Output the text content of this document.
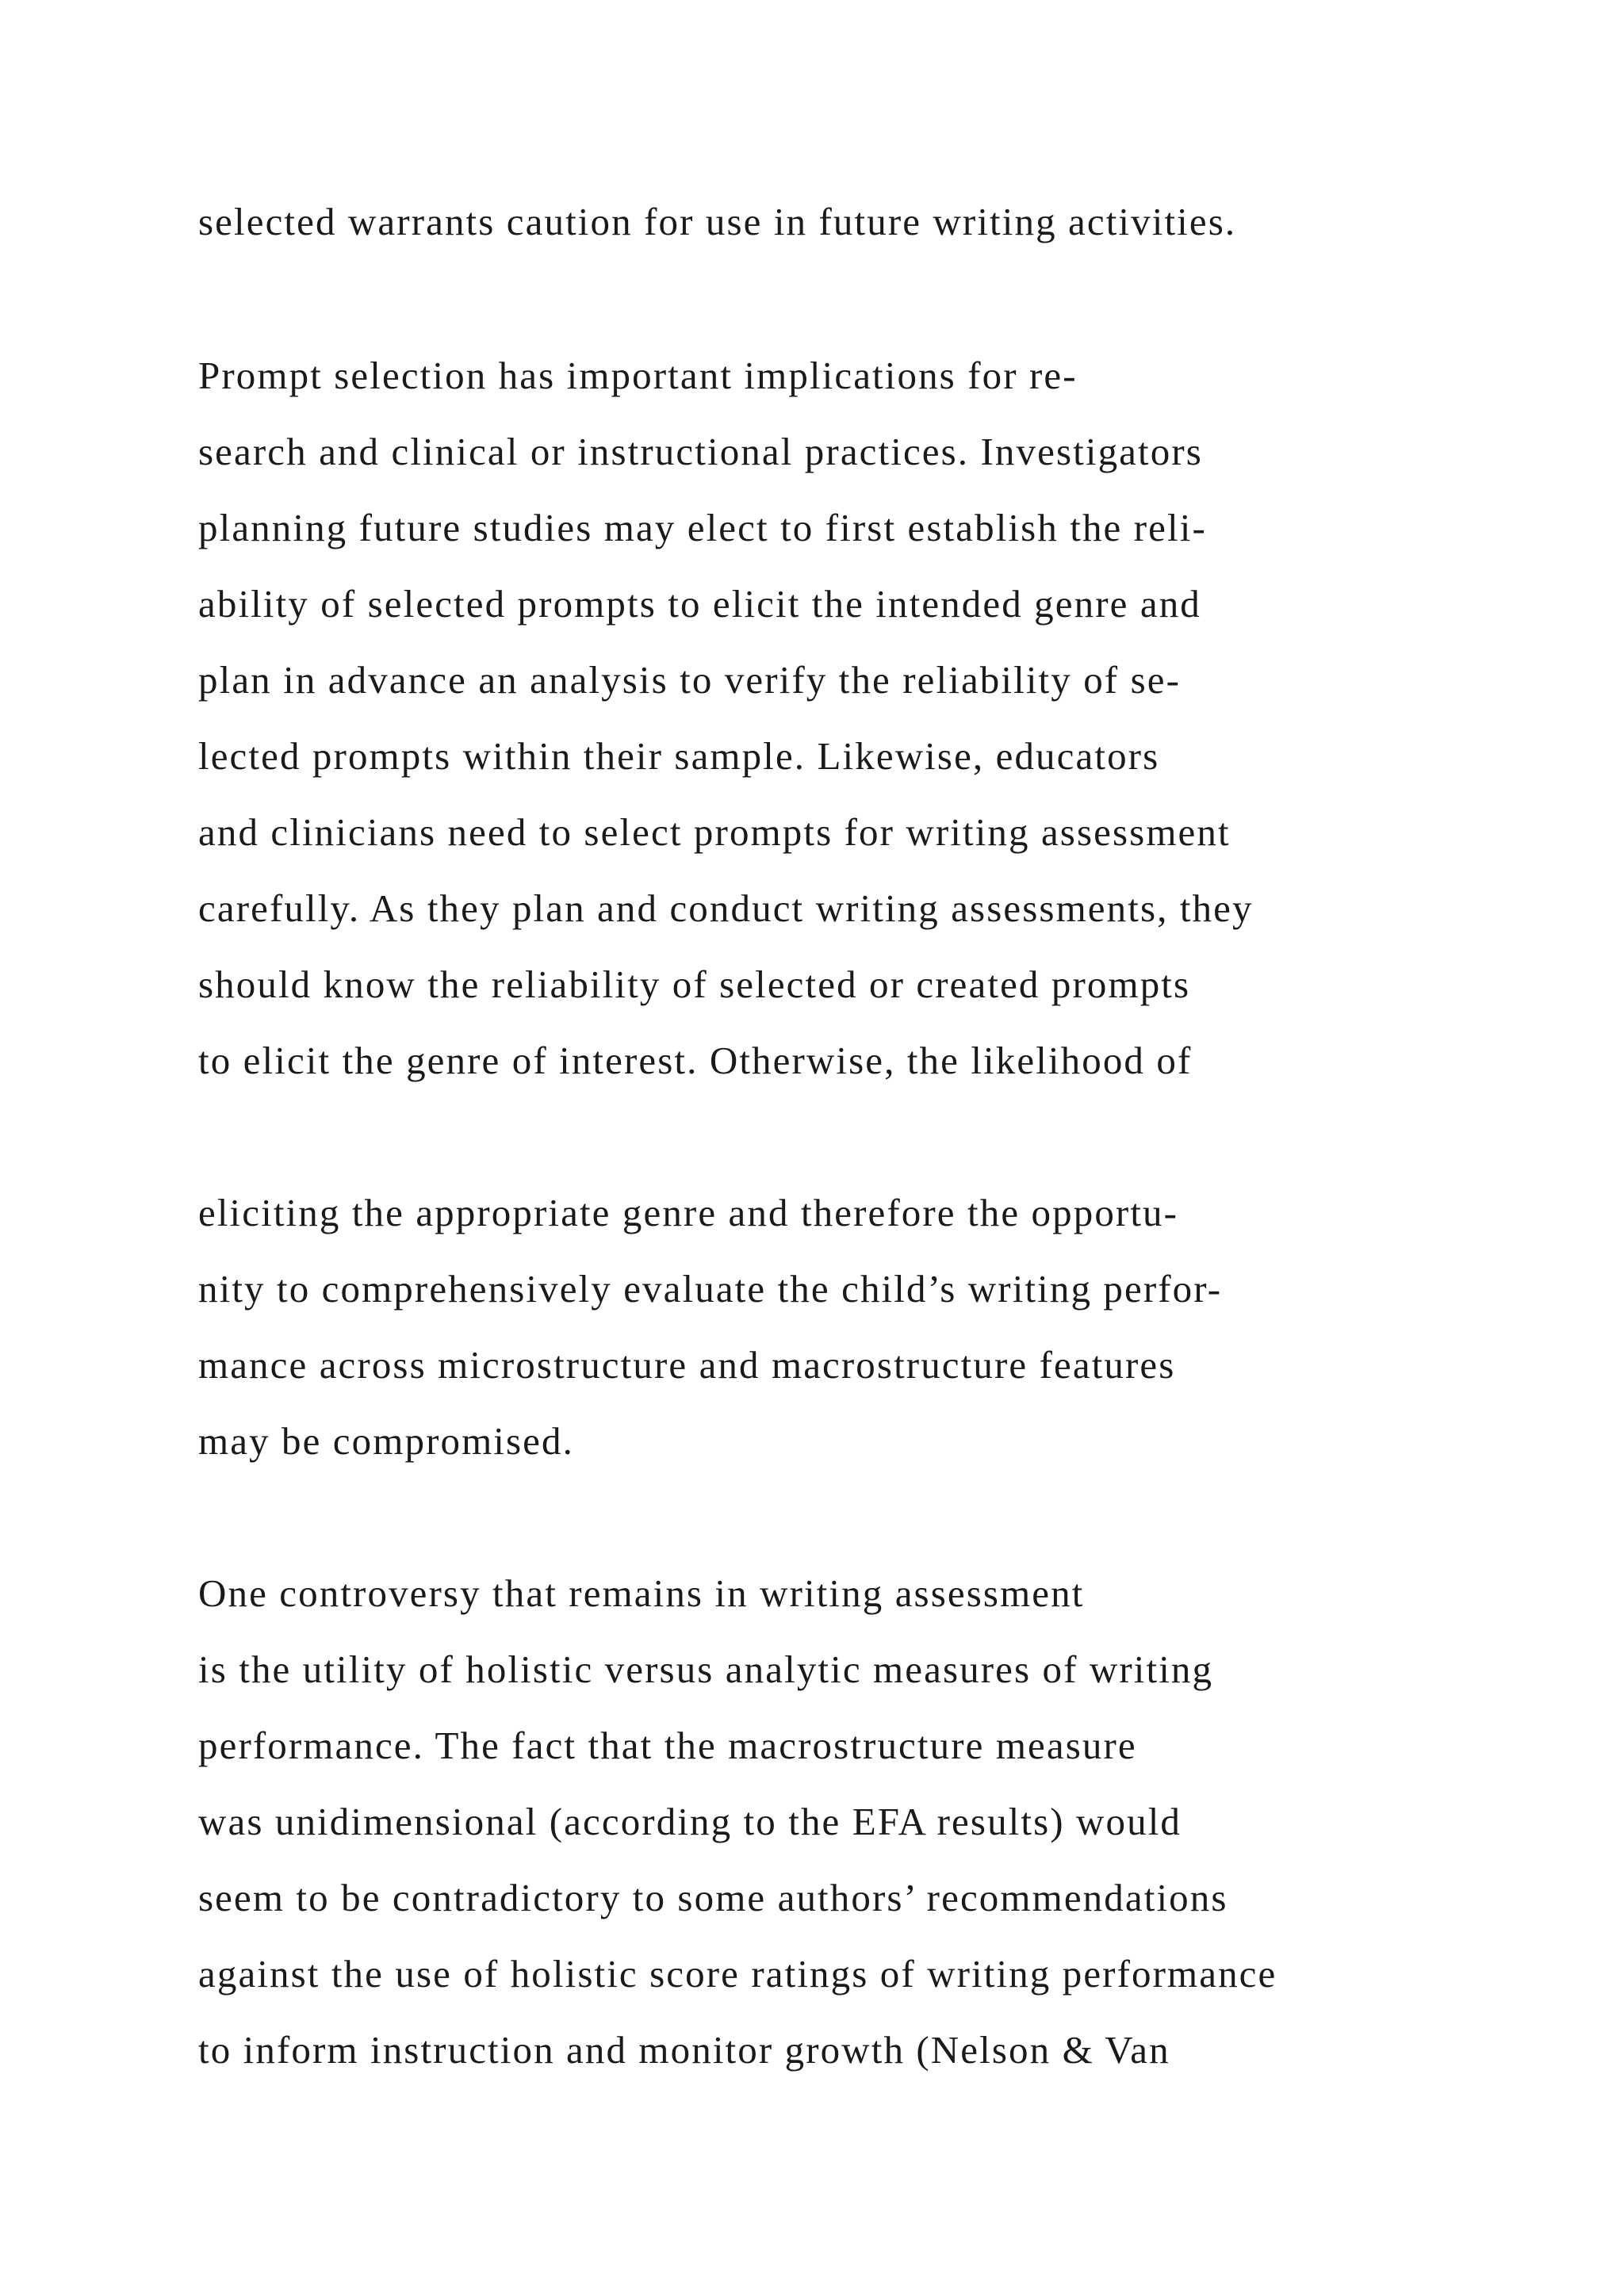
selected warrants caution for use in future writing activities.

Prompt selection has important implications for re-

search and clinical or instructional practices. Investigators

planning future studies may elect to first establish the reli-

ability of selected prompts to elicit the intended genre and

plan in advance an analysis to verify the reliability of se-

lected prompts within their sample. Likewise, educators

and clinicians need to select prompts for writing assessment

carefully. As they plan and conduct writing assessments, they

should know the reliability of selected or created prompts

to elicit the genre of interest. Otherwise, the likelihood of

eliciting the appropriate genre and therefore the opportu-

nity to comprehensively evaluate the child’s writing perfor-

mance across microstructure and macrostructure features

may be compromised.

One controversy that remains in writing assessment

is the utility of holistic versus analytic measures of writing

performance. The fact that the macrostructure measure

was unidimensional (according to the EFA results) would

seem to be contradictory to some authors’ recommendations

against the use of holistic score ratings of writing performance

to inform instruction and monitor growth (Nelson & Van
